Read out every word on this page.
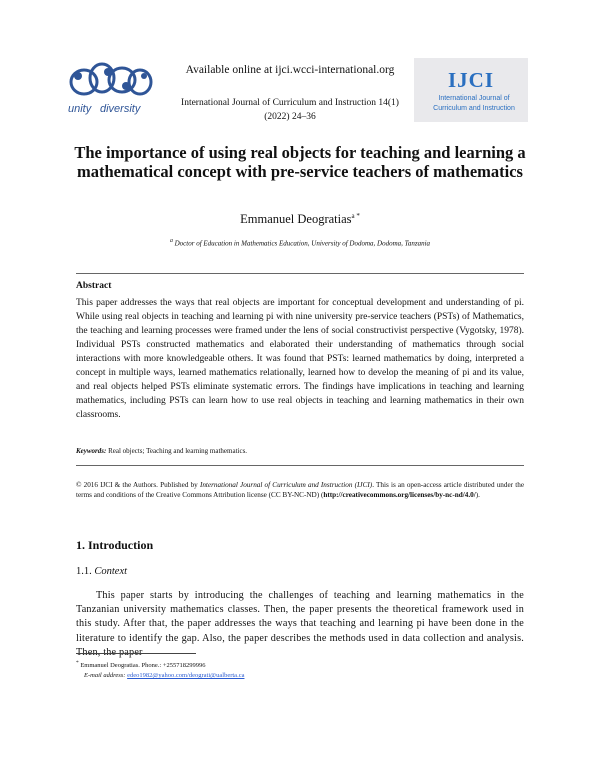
unity diversity
Available online at ijci.wcci-international.org
International Journal of Curriculum and Instruction 14(1)
(2022) 24–36
IJCI
International Journal of Curriculum and Instruction
The importance of using real objects for teaching and learning a mathematical concept with pre-service teachers of mathematics
Emmanuel Deogratias$^{a *}$
$^a$ Doctor of Education in Mathematics Education, University of Dodoma, Dodoma, Tanzania
Abstract
This paper addresses the ways that real objects are important for conceptual development and understanding of pi. While using real objects in teaching and learning pi with nine university pre-service teachers (PSTs) of Mathematics, the teaching and learning processes were framed under the lens of social constructivist perspective (Vygotsky, 1978). Individual PSTs constructed mathematics and elaborated their understanding of mathematics through social interactions with more knowledgeable others. It was found that PSTs: learned mathematics by doing, interpreted a concept in multiple ways, learned mathematics relationally, learned how to develop the meaning of pi and its value, and real objects helped PSTs eliminate systematic errors. The findings have implications in teaching and learning mathematics, including PSTs can learn how to use real objects in teaching and learning mathematics in their own classrooms.
Keywords: Real objects; Teaching and learning mathematics.
© 2016 IJCI & the Authors. Published by International Journal of Curriculum and Instruction (IJCI). This is an open-access article distributed under the terms and conditions of the Creative Commons Attribution license (CC BY-NC-ND) (http://creativecommons.org/licenses/by-nc-nd/4.0/).
1. Introduction
1.1. Context
This paper starts by introducing the challenges of teaching and learning mathematics in the Tanzanian university mathematics classes. Then, the paper presents the theoretical framework used in this study. After that, the paper addresses the ways that teaching and learning pi have been done in the literature to identify the gap. Also, the paper describes the methods used in data collection and analysis. Then, the paper
* Emmanuel Deogratias. Phone.: +255718299996
E-mail address: edeo1982@yahoo.com/deograti@ualberta.ca
